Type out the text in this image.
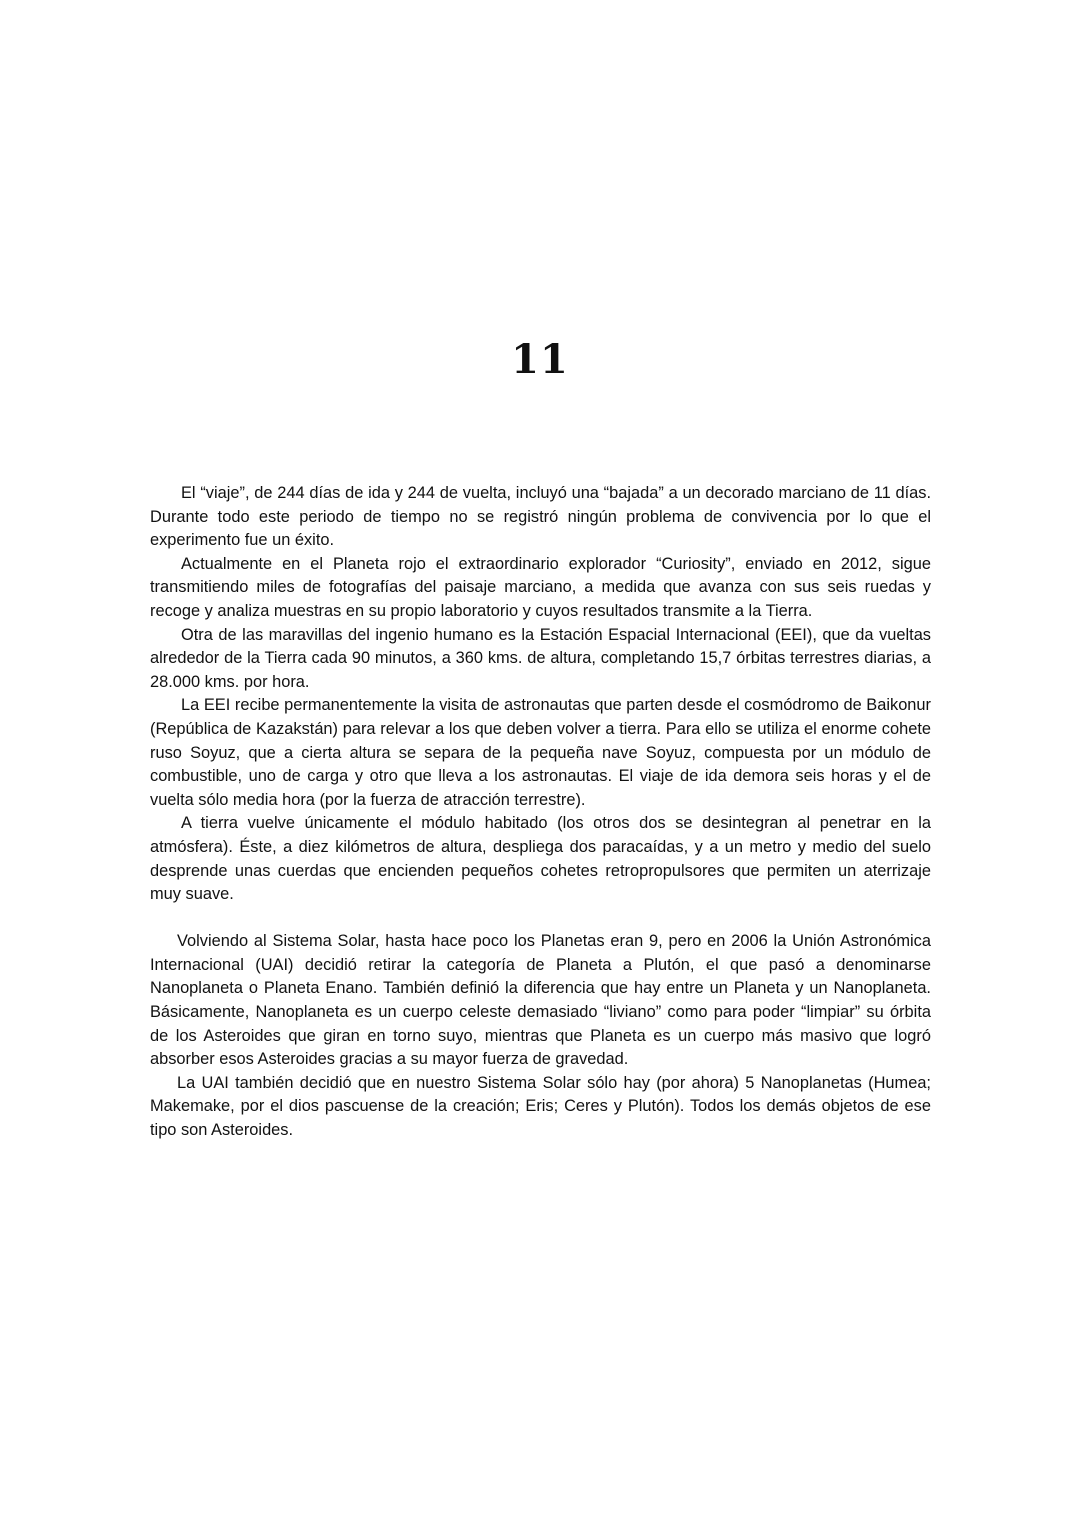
11

El “viaje”, de 244 días de ida y 244 de vuelta, incluyó una “bajada” a un decorado marciano de 11 días. Durante todo este periodo de tiempo no se registró ningún problema de convivencia por lo que el experimento fue un éxito.

Actualmente en el Planeta rojo el extraordinario explorador “Curiosity”, enviado en 2012, sigue transmitiendo miles de fotografías del paisaje marciano, a medida que avanza con sus seis ruedas y recoge y analiza muestras en su propio laboratorio y cuyos resultados transmite a la Tierra.

Otra de las maravillas del ingenio humano es la Estación Espacial Internacional (EEI), que da vueltas alrededor de la Tierra cada 90 minutos, a 360 kms. de altura, completando 15,7 órbitas terrestres diarias, a 28.000 kms. por hora.

La EEI recibe permanentemente la visita de astronautas que parten desde el cosmódromo de Baikonur (República de Kazakstán) para relevar a los que deben volver a tierra. Para ello se utiliza el enorme cohete ruso Soyuz, que a cierta altura se separa de la pequeña nave Soyuz, compuesta por un módulo de combustible, uno de carga y otro que lleva a los astronautas. El viaje de ida demora seis horas y el de vuelta sólo media hora (por la fuerza de atracción terrestre).

A tierra vuelve únicamente el módulo habitado (los otros dos se desintegran al penetrar en la atmósfera). Éste, a diez kilómetros de altura, despliega dos paracaídas, y a un metro y medio del suelo desprende unas cuerdas que encienden pequeños cohetes retropropulsores que permiten un aterrizaje muy suave.

Volviendo al Sistema Solar, hasta hace poco los Planetas eran 9, pero en 2006 la Unión Astronómica Internacional (UAI) decidió retirar la categoría de Planeta a Plutón, el que pasó a denominarse Nanoplaneta o Planeta Enano. También definió la diferencia que hay entre un Planeta y un Nanoplaneta. Básicamente, Nanoplaneta es un cuerpo celeste demasiado “liviano” como para poder “limpiar” su órbita de los Asteroides que giran en torno suyo, mientras que Planeta es un cuerpo más masivo que logró absorber esos Asteroides gracias a su mayor fuerza de gravedad.

La UAI también decidió que en nuestro Sistema Solar sólo hay (por ahora) 5 Nanoplanetas (Humea; Makemake, por el dios pascuense de la creación; Eris; Ceres y Plutón). Todos los demás objetos de ese tipo son Asteroides.
